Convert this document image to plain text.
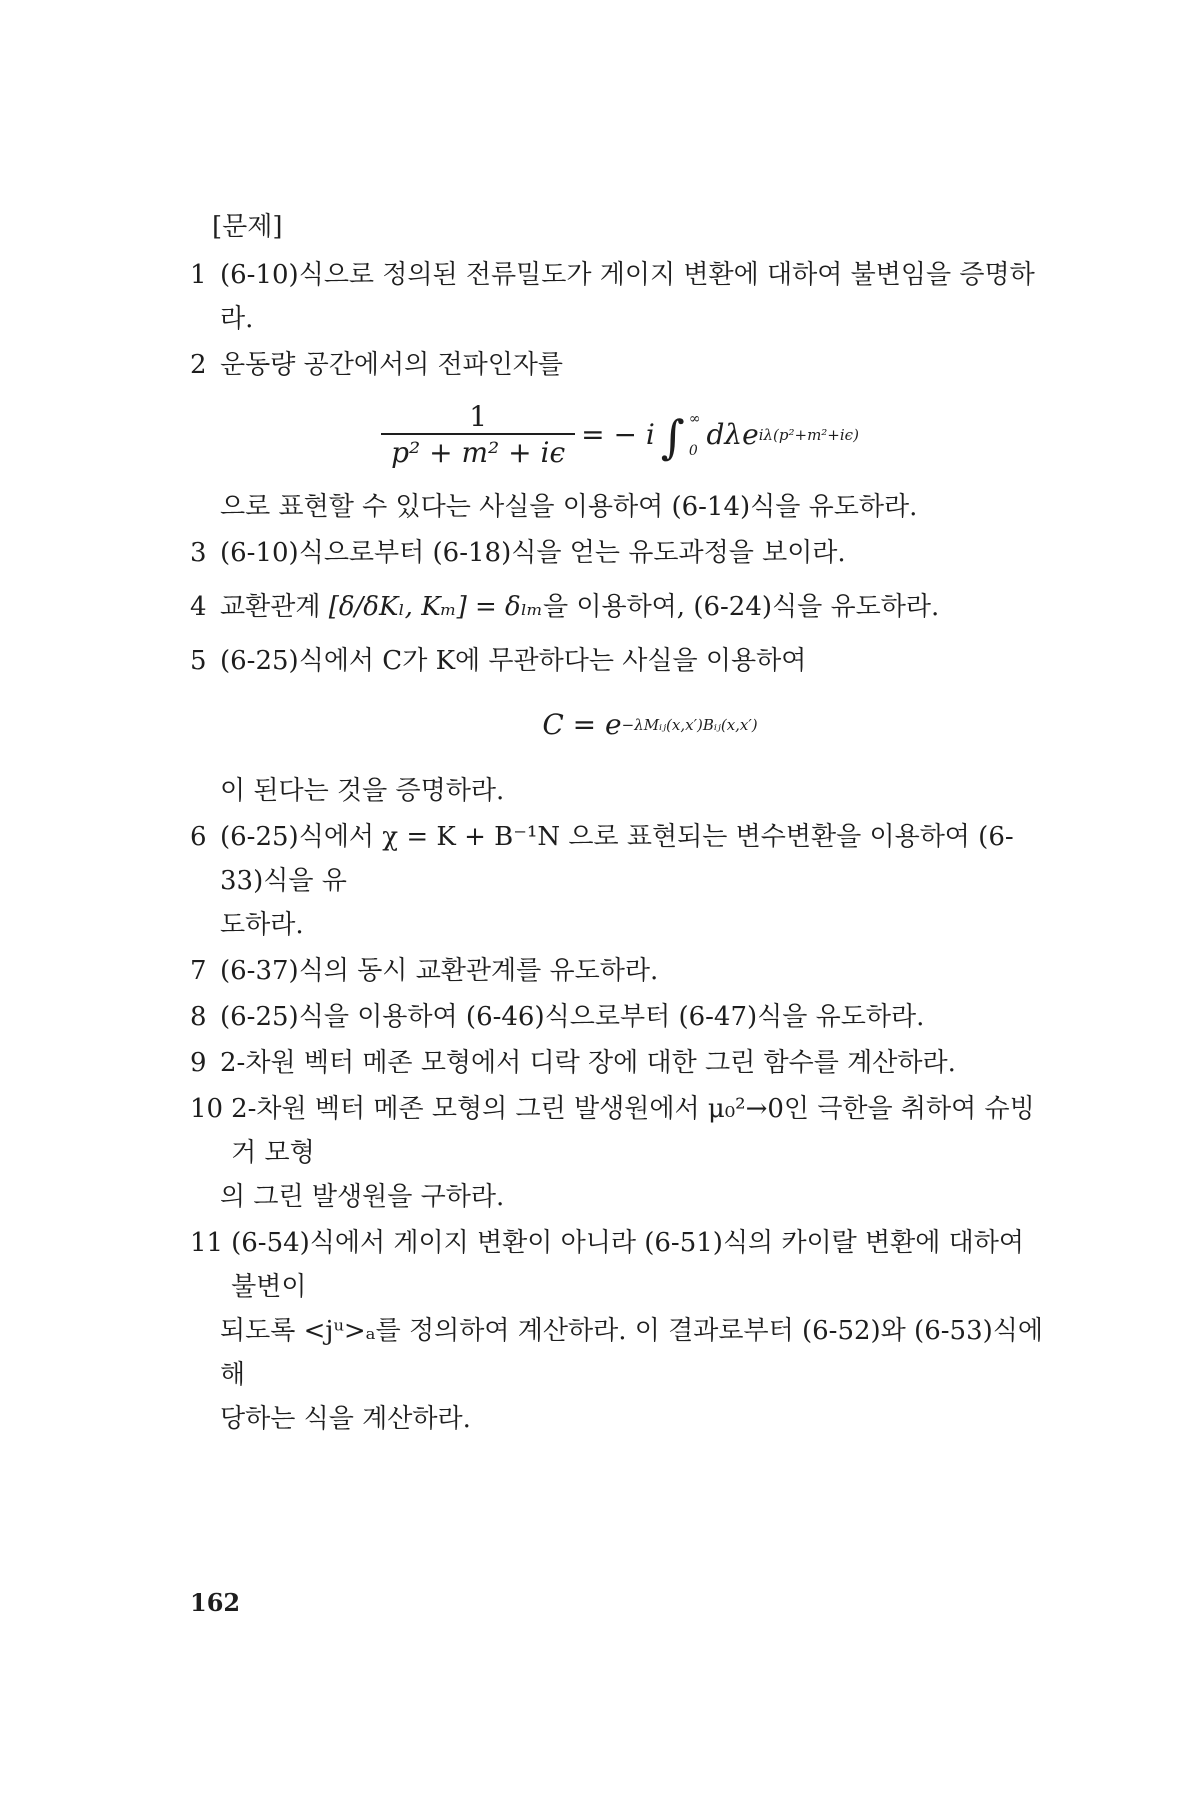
[문제]
1 (6-10)식으로 정의된 전류밀도가 게이지 변환에 대하여 불변임을 증명하라.
2 운동량 공간에서의 전파인자를
$\frac{1}{\text{p² + m² + iϵ}}$ = − i ∫ ∞
0 dλe iλ(p²+m²+iϵ)
으로 표현할 수 있다는 사실을 이용하여 (6-14)식을 유도하라.
3 (6-10)식으로부터 (6-18)식을 얻는 유도과정을 보이라.
4 교환관계 [δ/δKₗ, Kₘ] = δₗₘ을 이용하여, (6-24)식을 유도하라.
5 (6-25)식에서 C가 K에 무관하다는 사실을 이용하여
C = e −λMᵢⱼ(x,x′)Bᵢⱼ(x,x′)
이 된다는 것을 증명하라.
6 (6-25)식에서 χ = K + B⁻¹N 으로 표현되는 변수변환을 이용하여 (6-33)식을 유
도하라.
7 (6-37)식의 동시 교환관계를 유도하라.
8 (6-25)식을 이용하여 (6-46)식으로부터 (6-47)식을 유도하라.
9 2-차원 벡터 메존 모형에서 디락 장에 대한 그린 함수를 계산하라.
10 2-차원 벡터 메존 모형의 그린 발생원에서 μ₀²→0인 극한을 취하여 슈빙거 모형
의 그린 발생원을 구하라.
11 (6-54)식에서 게이지 변환이 아니라 (6-51)식의 카이랄 변환에 대하여 불변이
되도록 <jᵘ>ₐ를 정의하여 계산하라. 이 결과로부터 (6-52)와 (6-53)식에 해
당하는 식을 계산하라.
162
